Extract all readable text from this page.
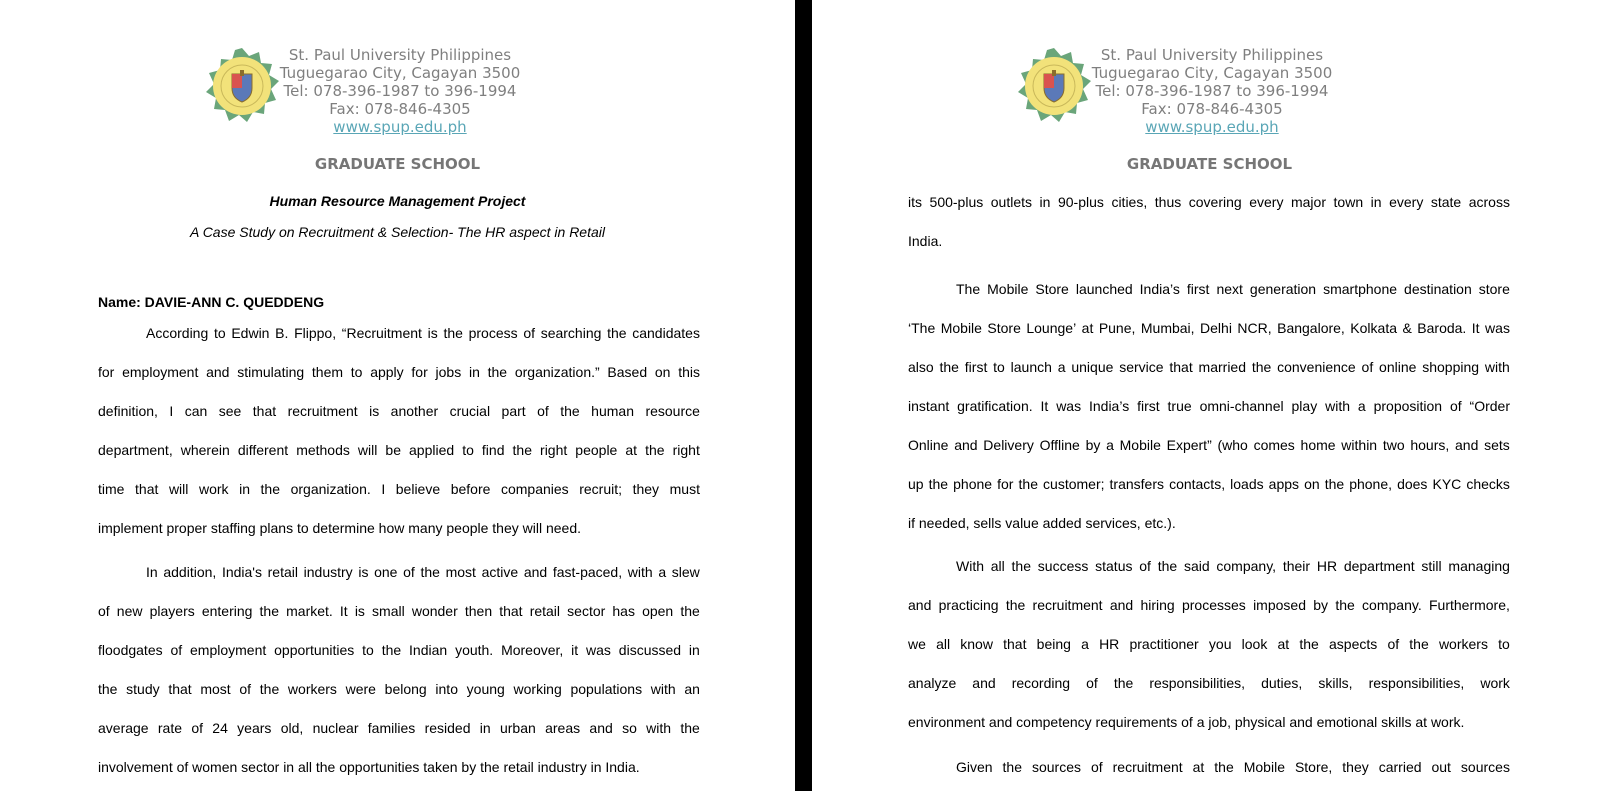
St. Paul University Philippines
Tuguegarao City, Cagayan 3500
Tel: 078-396-1987 to 396-1994
Fax: 078-846-4305
www.spup.edu.ph
GRADUATE SCHOOL
Human Resource Management Project
A Case Study on Recruitment & Selection- The HR aspect in Retail
Name: DAVIE-ANN C. QUEDDENG
According to Edwin B. Flippo, “Recruitment is the process of searching the candidates
for employment and stimulating them to apply for jobs in the organization.” Based on this
definition, I can see that recruitment is another crucial part of the human resource
department, wherein different methods will be applied to find the right people at the right
time that will work in the organization. I believe before companies recruit; they must
implement proper staffing plans to determine how many people they will need.
In addition, India's retail industry is one of the most active and fast-paced, with a slew
of new players entering the market. It is small wonder then that retail sector has open the
floodgates of employment opportunities to the Indian youth. Moreover, it was discussed in
the study that most of the workers were belong into young working populations with an
average rate of 24 years old, nuclear families resided in urban areas and so with the
involvement of women sector in all the opportunities taken by the retail industry in India.
St. Paul University Philippines
Tuguegarao City, Cagayan 3500
Tel: 078-396-1987 to 396-1994
Fax: 078-846-4305
www.spup.edu.ph
GRADUATE SCHOOL
its 500-plus outlets in 90-plus cities, thus covering every major town in every state across
India.
The Mobile Store launched India’s first next generation smartphone destination store
‘The Mobile Store Lounge’ at Pune, Mumbai, Delhi NCR, Bangalore, Kolkata & Baroda. It was
also the first to launch a unique service that married the convenience of online shopping with
instant gratification. It was India’s first true omni-channel play with a proposition of “Order
Online and Delivery Offline by a Mobile Expert” (who comes home within two hours, and sets
up the phone for the customer; transfers contacts, loads apps on the phone, does KYC checks
if needed, sells value added services, etc.).
With all the success status of the said company, their HR department still managing
and practicing the recruitment and hiring processes imposed by the company. Furthermore,
we all know that being a HR practitioner you look at the aspects of the workers to
analyze and recording of the responsibilities, duties, skills, responsibilities, work
environment and competency requirements of a job, physical and emotional skills at work.
Given the sources of recruitment at the Mobile Store, they carried out sources
